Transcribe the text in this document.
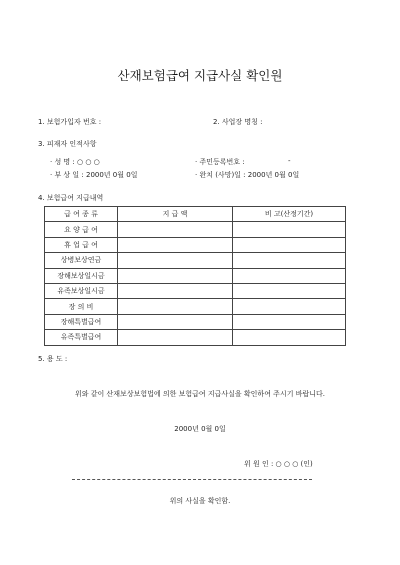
산재보험급여 지급사실 확인원
1. 보험가입자 번호 :	2. 사업장 명칭 :
3. 피재자 인적사항
· 성 명 : ○ ○ ○	· 주민등록번호 :	-
· 부 상 일 : 2000년 0월 0일	· 완치 (사망)일 : 2000년 0월 0일
4. 보험급여 지급내역
급 여 종 류	지 급 액	비 고(산정기간)
요 양 급 여		
휴 업 급 여		
상병보상연금		
장해보상일시금		
유족보상일시금		
장 의 비		
장해특별급여		
유족특별급여		
5. 용 도 :
위와 같이 산재보상보험법에 의한 보험급여 지급사실을 확인하여 주시기 바랍니다.
2000년 0월 0일
위 원 인 : ○ ○ ○ (인)
위의 사실을 확인함.
